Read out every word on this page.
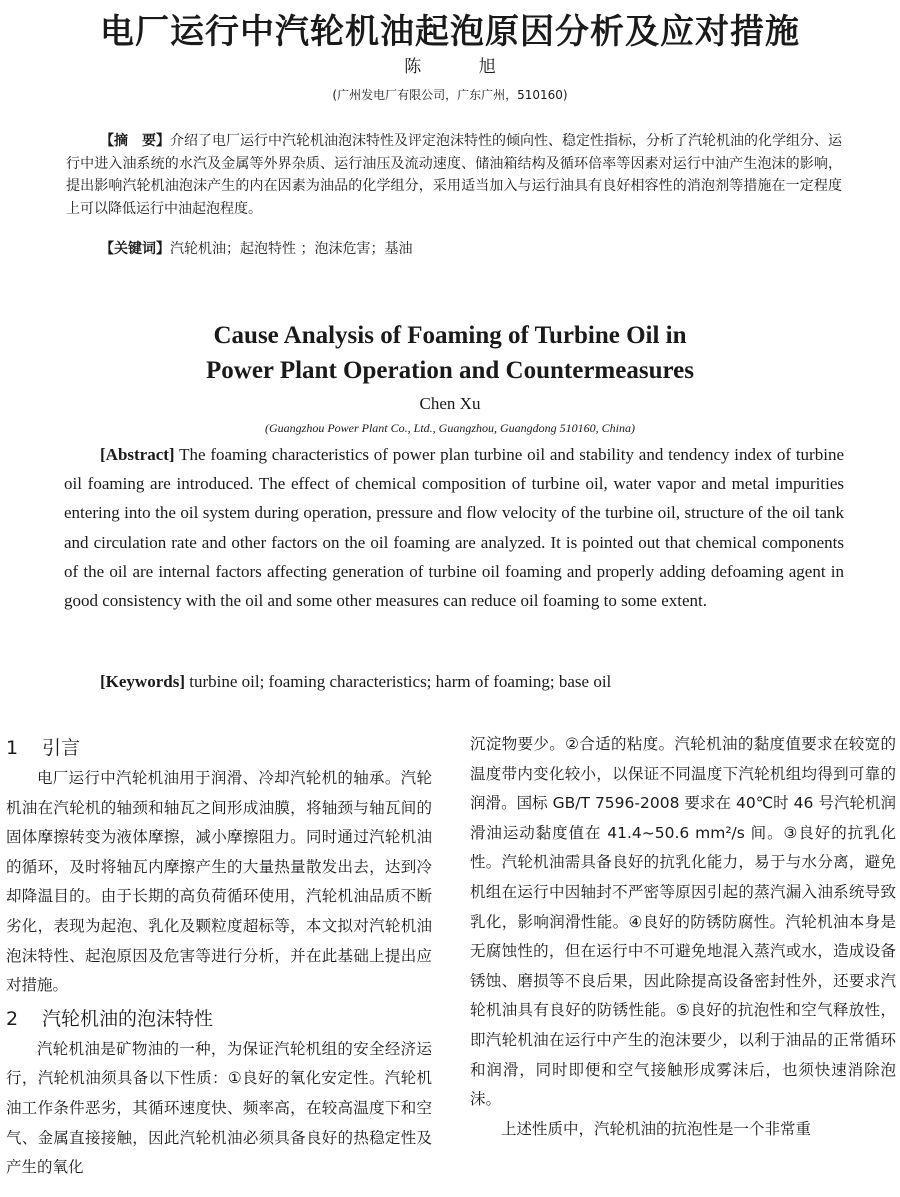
电厂运行中汽轮机油起泡原因分析及应对措施
陈 旭
(广州发电厂有限公司，广东广州，510160)

【摘　要】介绍了电厂运行中汽轮机油泡沫特性及评定泡沫特性的倾向性、稳定性指标，分析了汽轮机油的化学组分、运行中进入油系统的水汽及金属等外界杂质、运行油压及流动速度、储油箱结构及循环倍率等因素对运行中油产生泡沫的影响，提出影响汽轮机油泡沫产生的内在因素为油品的化学组分，采用适当加入与运行油具有良好相容性的消泡剂等措施在一定程度上可以降低运行中油起泡程度。

【关键词】汽轮机油；起泡特性 ；泡沫危害；基油

Cause Analysis of Foaming of Turbine Oil in
Power Plant Operation and Countermeasures
Chen Xu
(Guangzhou Power Plant Co., Ltd., Guangzhou, Guangdong 510160, China)

[Abstract] The foaming characteristics of power plan turbine oil and stability and tendency index of turbine oil foaming are introduced. The effect of chemical composition of turbine oil, water vapor and metal impurities entering into the oil system during operation, pressure and flow velocity of the turbine oil, structure of the oil tank and circulation rate and other factors on the oil foaming are analyzed. It is pointed out that chemical components of the oil are internal factors affecting generation of turbine oil foaming and properly adding defoaming agent in good consistency with the oil and some other measures can reduce oil foaming to some extent.

[Keywords] turbine oil; foaming characteristics; harm of foaming; base oil

1 引言

电厂运行中汽轮机油用于润滑、冷却汽轮机的轴承。汽轮机油在汽轮机的轴颈和轴瓦之间形成油膜，将轴颈与轴瓦间的固体摩擦转变为液体摩擦，减小摩擦阻力。同时通过汽轮机油的循环，及时将轴瓦内摩擦产生的大量热量散发出去，达到冷却降温目的。由于长期的高负荷循环使用，汽轮机油品质不断劣化，表现为起泡、乳化及颗粒度超标等，本文拟对汽轮机油泡沫特性、起泡原因及危害等进行分析，并在此基础上提出应对措施。

2 汽轮机油的泡沫特性

汽轮机油是矿物油的一种，为保证汽轮机组的安全经济运行，汽轮机油须具备以下性质：①良好的氧化安定性。汽轮机油工作条件恶劣，其循环速度快、频率高，在较高温度下和空气、金属直接接触，因此汽轮机油必须具备良好的热稳定性及产生的氧化

沉淀物要少。②合适的粘度。汽轮机油的黏度值要求在较宽的温度带内变化较小，以保证不同温度下汽轮机组均得到可靠的润滑。国标 GB/T 7596-2008 要求在 40℃时 46 号汽轮机润滑油运动黏度值在 41.4~50.6 mm²/s 间。③良好的抗乳化性。汽轮机油需具备良好的抗乳化能力，易于与水分离，避免机组在运行中因轴封不严密等原因引起的蒸汽漏入油系统导致乳化，影响润滑性能。④良好的防锈防腐性。汽轮机油本身是无腐蚀性的，但在运行中不可避免地混入蒸汽或水，造成设备锈蚀、磨损等不良后果，因此除提高设备密封性外，还要求汽轮机油具有良好的防锈性能。⑤良好的抗泡性和空气释放性，即汽轮机油在运行中产生的泡沫要少，以利于油品的正常循环和润滑，同时即便和空气接触形成雾沫后，也须快速消除泡沫。

上述性质中，汽轮机油的抗泡性是一个非常重
